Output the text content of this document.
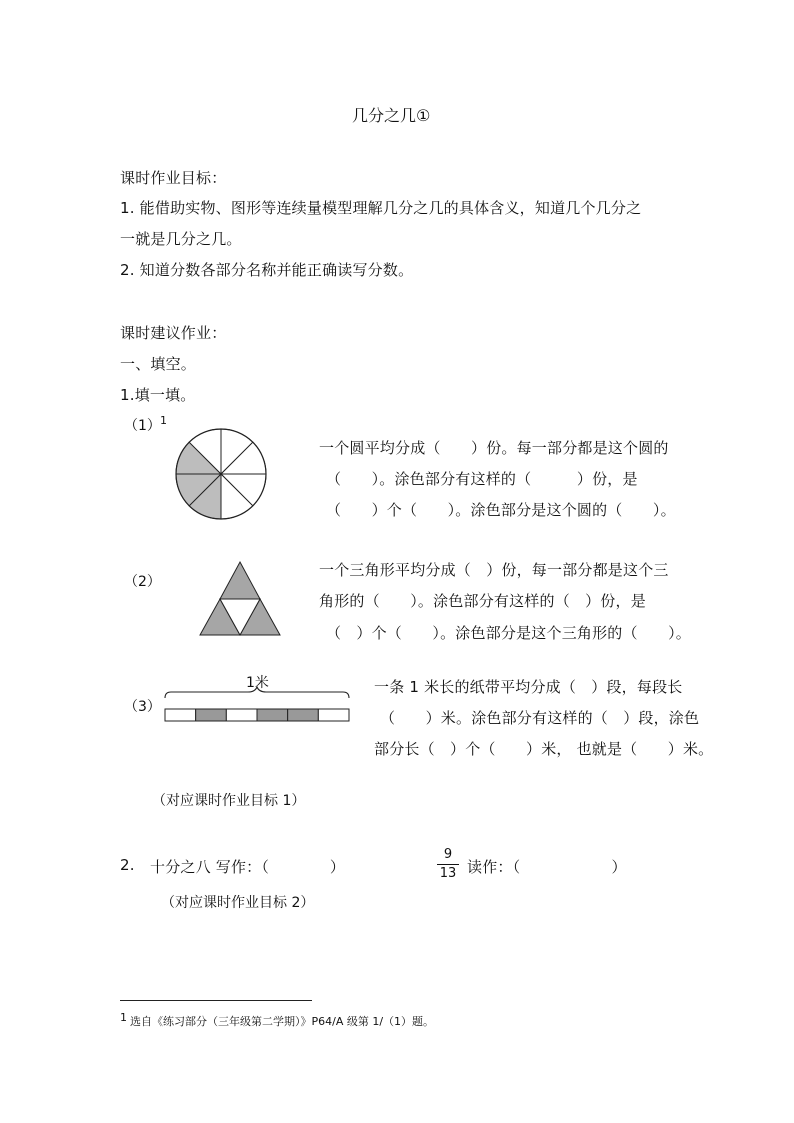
几分之几①
课时作业目标：
1. 能借助实物、图形等连续量模型理解几分之几的具体含义，知道几个几分之
一就是几分之几。
2. 知道分数各部分名称并能正确读写分数。
课时建议作业：
一、填空。
1.填一填。
（1） 1
一个圆平均分成（　　）份。每一部分都是这个圆的
（　　）。涂色部分有这样的（　　　）份，是
（　　）个（　　）。涂色部分是这个圆的（　　）。
（2）
一个三角形平均分成（　）份，每一部分都是这个三
角形的（　　）。涂色部分有这样的（　）份，是
（　）个（　　）。涂色部分是这个三角形的（　　）。
（3）
1米	一条 1 米长的纸带平均分成（　）段，每段长
（　　）米。涂色部分有这样的（　）段，涂色
部分长（　）个（　　）米， 也就是（　　）米。
（对应课时作业目标 1）
2. 十分之八 写作：（　　　　）
9
13 读作：（　　　　　　）
（对应课时作业目标 2）
1 选自《练习部分（三年级第二学期）》P64/A 级第 1/（1）题。
